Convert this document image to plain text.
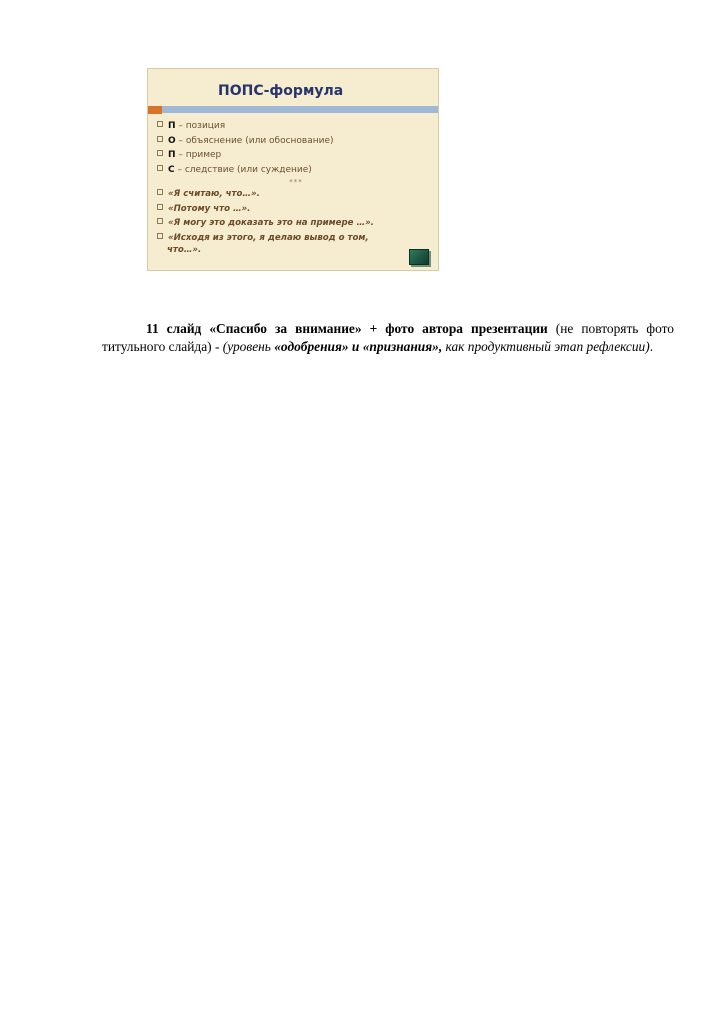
ПОПС-формула
П – позиция
О – объяснение (или обоснование)
П – пример
С – следствие (или суждение)
***
«Я считаю, что…».
«Потому что …».
«Я могу это доказать это на примере …».
«Исходя из этого, я делаю вывод о том,
что…».
11 слайд «Спасибо за внимание» + фото автора презентации (не повторять фото титульного слайда) - (уровень «одобрения» и «признания», как продуктивный этап рефлексии).
